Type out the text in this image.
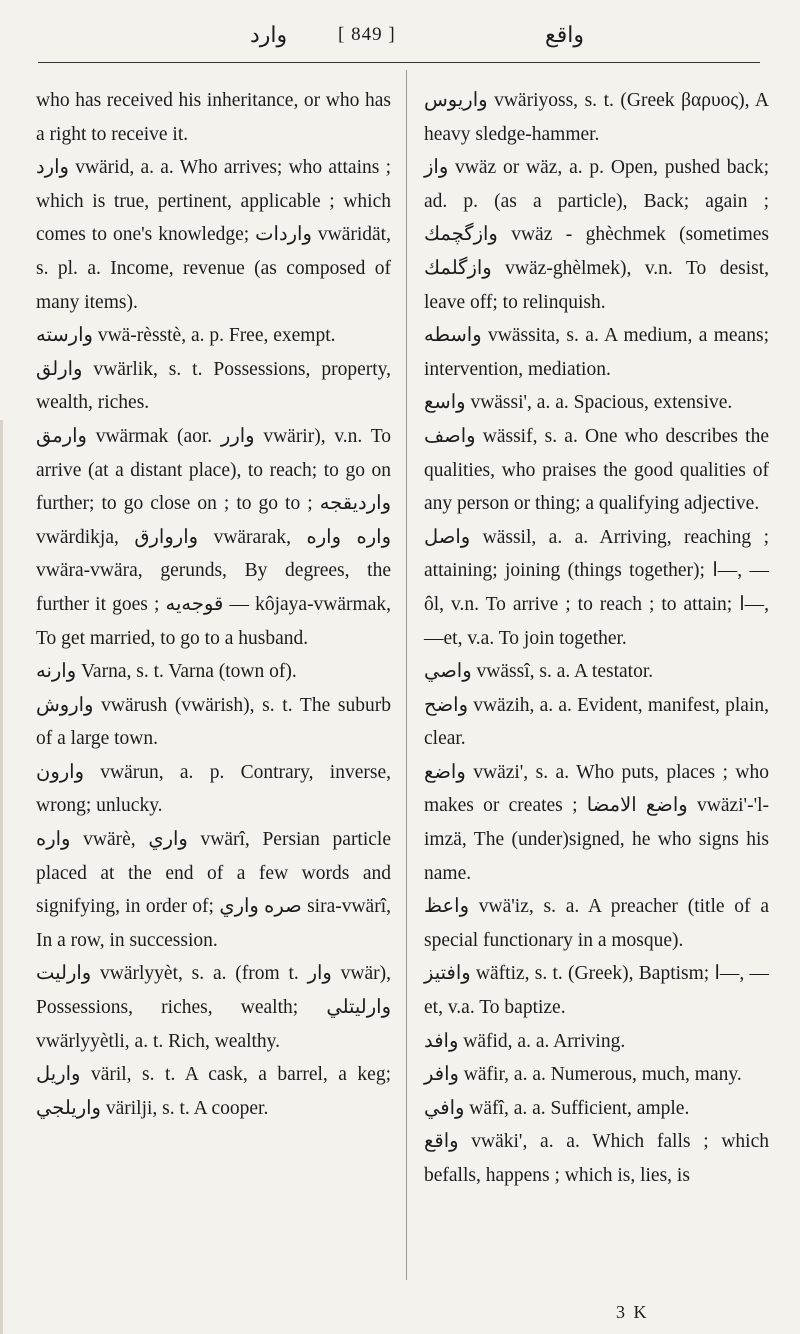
وارد	[ 849 ]	واقع

who has received his inheritance, or who has a right to receive it.

وارد vwärid, a. a. Who arrives; who attains ; which is true, pertinent, applicable ; which comes to one's knowledge; واردات vwäridät, s. pl. a. Income, revenue (as composed of many items).

وارسته vwä-rèsstè, a. p. Free, exempt.

وارلق vwärlik, s. t. Possessions, property, wealth, riches.

وارمق vwärmak (aor. وارر vwärir), v.n. To arrive (at a distant place), to reach; to go on further; to go close on ; to go to ; وارديقجه vwärdikja, واروارق vwärarak, واره واره vwära-vwära, gerunds, By degrees, the further it goes ; قوجه‌يه — kôjaya-vwärmak, To get married, to go to a husband.

وارنه Varna, s. t. Varna (town of).

واروش vwärush (vwärish), s. t. The suburb of a large town.

وارون vwärun, a. p. Contrary, inverse, wrong; unlucky.

واره vwärè, واري vwärî, Persian particle placed at the end of a few words and signifying, in order of; صره واري sira-vwärî, In a row, in succession.

وارليت vwärlyyèt, s. a. (from t. وار vwär), Possessions, riches, wealth; وارليتلي vwärlyyètli, a. t. Rich, wealthy.

واريل väril, s. t. A cask, a barrel, a keg; واريلجي värilji, s. t. A cooper.

واريوس vwäriyoss, s. t. (Greek βαρυος), A heavy sledge-hammer.

واز vwäz or wäz, a. p. Open, pushed back; ad. p. (as a particle), Back; again ; وازگچمك vwäz - ghèchmek (sometimes وازگلمك vwäz-ghèlmek), v.n. To desist, leave off; to relinquish.

واسطه vwässita, s. a. A medium, a means; intervention, mediation.

واسع vwässi', a. a. Spacious, extensive.

واصف wässif, s. a. One who describes the qualities, who praises the good qualities of any person or thing; a qualifying adjective.

واصل wässil, a. a. Arriving, reaching ; attaining; joining (things together); ا—, —ôl, v.n. To arrive ; to reach ; to attain; ا—, —et, v.a. To join together.

واصي vwässî, s. a. A testator.

واضح vwäzih, a. a. Evident, manifest, plain, clear.

واضع vwäzi', s. a. Who puts, places ; who makes or creates ; واضع الامضا vwäzi'-'l-imzä, The (under)signed, he who signs his name.

واعظ vwä'iz, s. a. A preacher (title of a special functionary in a mosque).

وافتيز wäftiz, s. t. (Greek), Baptism; ا—, —et, v.a. To baptize.

وافد wäfid, a. a. Arriving.

وافر wäfir, a. a. Numerous, much, many.

وافي wäfî, a. a. Sufficient, ample.

واقع vwäki', a. a. Which falls ; which befalls, happens ; which is, lies, is

3 K
